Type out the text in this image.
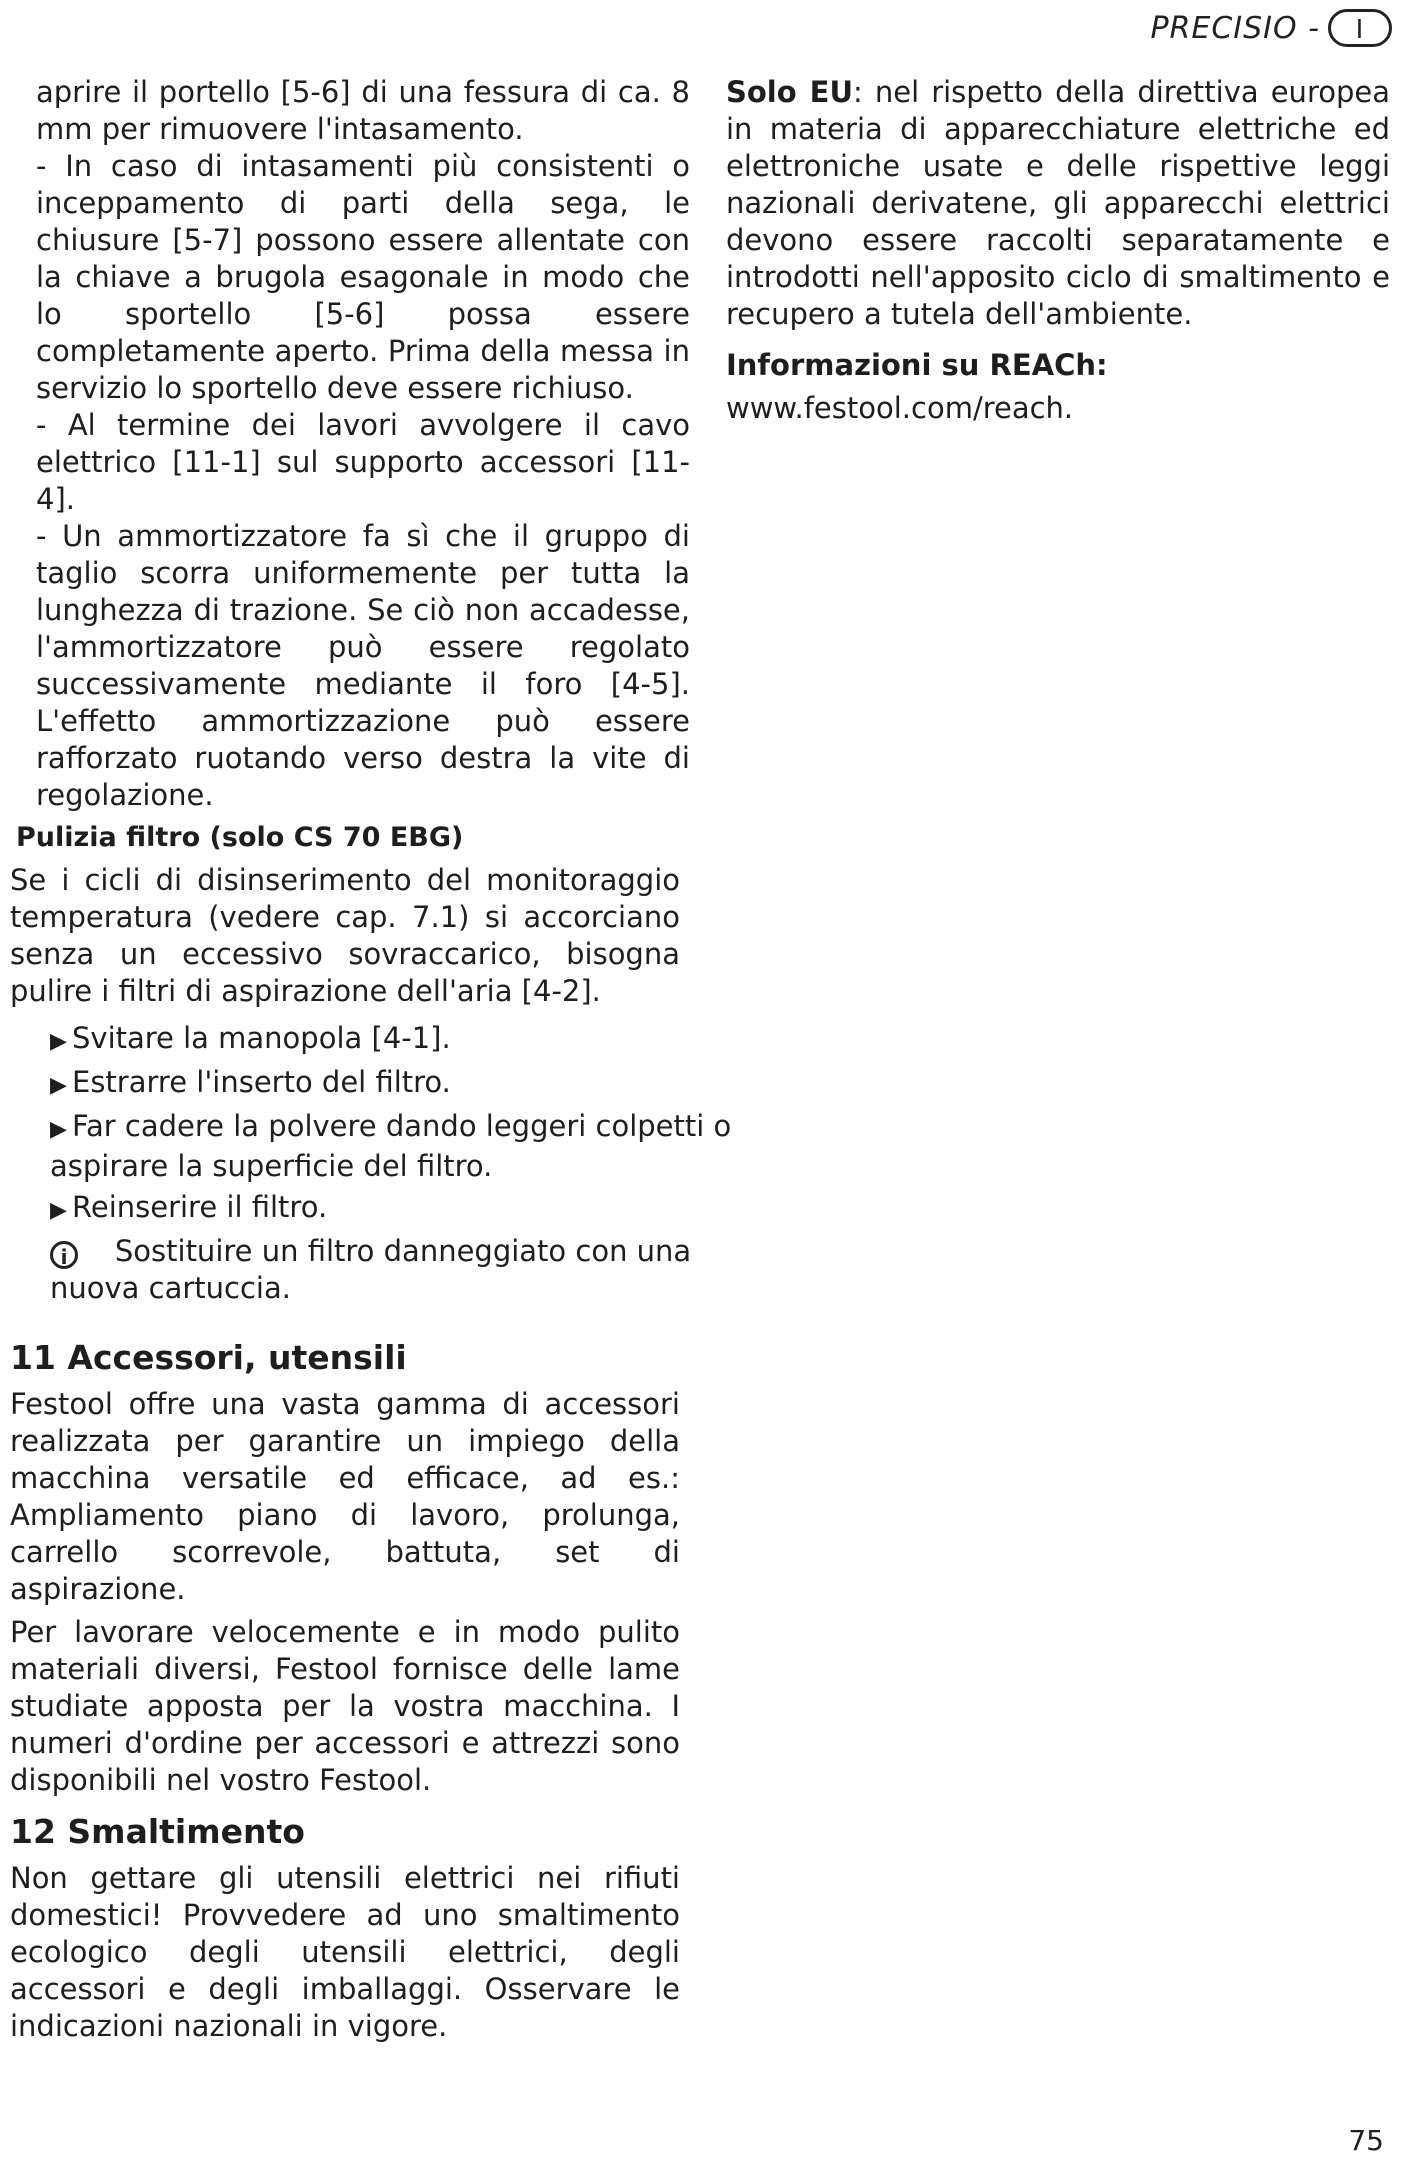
PRECISIO -	I

aprire il portello [5-6] di una fessura di ca. 8 mm per rimuovere l'intasamento.

- In caso di intasamenti più consistenti o inceppamento di parti della sega, le chiusure [5-7] possono essere allentate con la chiave a brugola esagonale in modo che lo sportello [5-6] possa essere completamente aperto. Prima della messa in servizio lo sportello deve essere richiuso.

- Al termine dei lavori avvolgere il cavo elettrico [11-1] sul supporto accessori [11-4].

- Un ammortizzatore fa sì che il gruppo di taglio scorra uniformemente per tutta la lunghezza di trazione. Se ciò non accadesse, l'ammortizzatore può essere regolato successivamente mediante il foro [4-5]. L'effetto ammortizzazione può essere rafforzato ruotando verso destra la vite di regolazione.

Solo EU: nel rispetto della direttiva europea in materia di apparecchiature elettriche ed elettroniche usate e delle rispettive leggi nazionali derivatene, gli apparecchi elettrici devono essere raccolti separatamente e introdotti nell'apposito ciclo di smaltimento e recupero a tutela dell'ambiente.

Informazioni su REACh:

www.festool.com/reach.

Pulizia filtro (solo CS 70 EBG)

Se i cicli di disinserimento del monitoraggio temperatura (vedere cap. 7.1) si accorciano senza un eccessivo sovraccarico, bisogna pulire i filtri di aspirazione dell'aria [4-2].

▶ Svitare la manopola [4-1].
▶ Estrarre l'inserto del filtro.
▶ Far cadere la polvere dando leggeri colpetti o aspirare la superficie del filtro.
▶ Reinserire il filtro.
i Sostituire un filtro danneggiato con una nuova cartuccia.
11 Accessori, utensili

Festool offre una vasta gamma di accessori realizzata per garantire un impiego della macchina versatile ed efficace, ad es.: Ampliamento piano di lavoro, prolunga, carrello scorrevole, battuta, set di aspirazione.

Per lavorare velocemente e in modo pulito materiali diversi, Festool fornisce delle lame studiate apposta per la vostra macchina. I numeri d'ordine per accessori e attrezzi sono disponibili nel vostro Festool.

12 Smaltimento

Non gettare gli utensili elettrici nei rifiuti domestici! Provvedere ad uno smaltimento ecologico degli utensili elettrici, degli accessori e degli imballaggi. Osservare le indicazioni nazionali in vigore.

75
